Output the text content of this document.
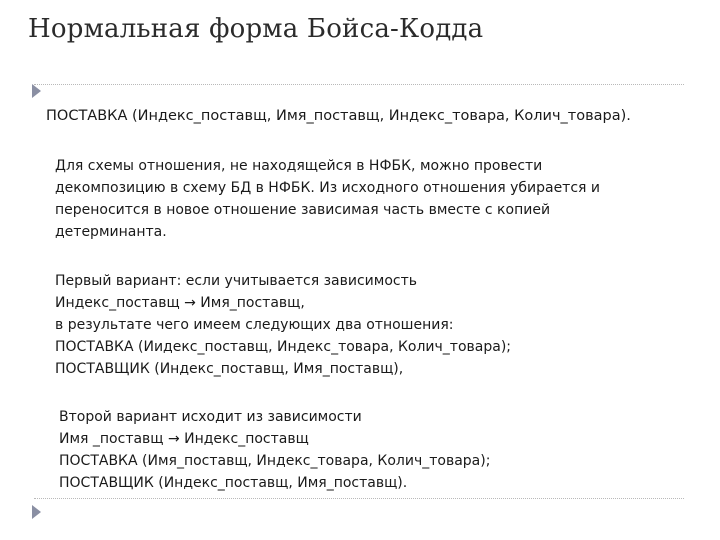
Нормальная форма Бойса-Кодда
ПОСТАВКА (Индекс_поставщ, Имя_поставщ, Индекс_товара, Колич_товара).
Для схемы отношения, не находящейся в НФБК, можно провести
декомпозицию в схему БД в НФБК. Из исходного отношения убирается и
переносится в новое отношение зависимая часть вместе с копией
детерминанта.
Первый вариант: если учитывается зависимость
Индекс_поставщ → Имя_поставщ,
в результате чего имеем следующих два отношения:
ПОСТАВКА (Иидекс_поставщ, Индекс_товара, Колич_товара);
ПОСТАВЩИК (Индекс_поставщ, Имя_поставщ),
Второй вариант исходит из зависимости
Имя _поставщ → Индекс_поставщ
ПОСТАВКА (Имя_поставщ, Индекс_товара, Колич_товара);
ПОСТАВЩИК (Индекс_поставщ, Имя_поставщ).
